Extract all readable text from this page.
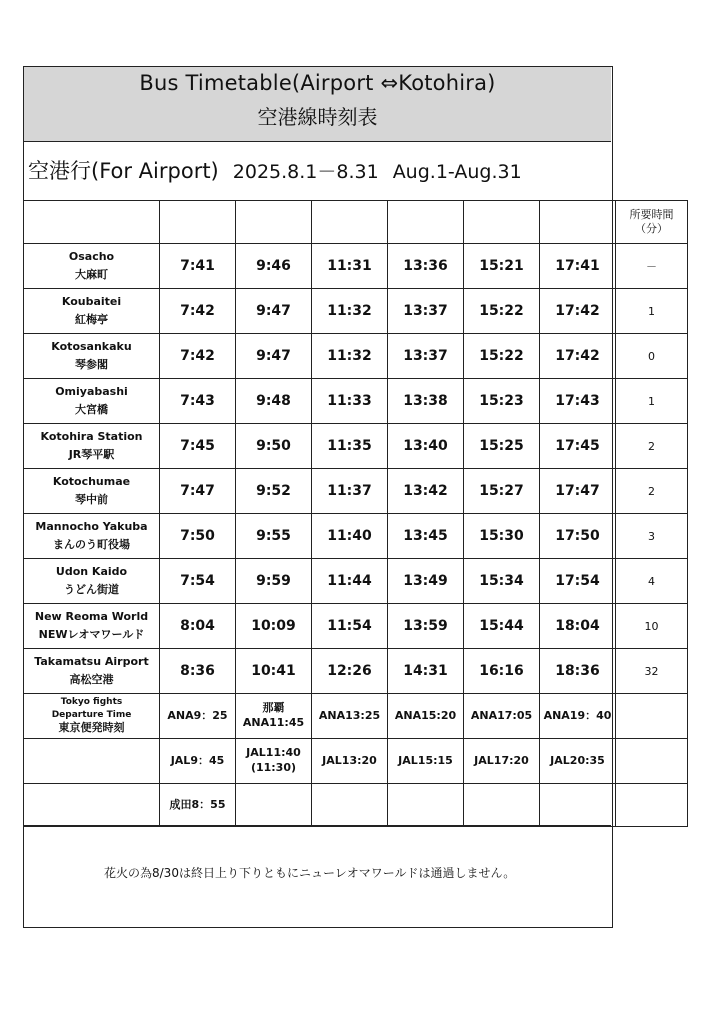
Bus Timetable(Airport ⇔Kotohira)
空港線時刻表
空港行(For Airport) 2025.8.1－8.31 Aug.1-Aug.31
花火の為8/30は終日上り下りともにニューレオマワールドは通過しません。

							所要時間
（分）

Osacho
大麻町	7:41	9:46	11:31	13:36	15:21	17:41	－

Koubaitei
紅梅亭	7:42	9:47	11:32	13:37	15:22	17:42	1

Kotosankaku
琴参閣	7:42	9:47	11:32	13:37	15:22	17:42	0

Omiyabashi
大宮橋	7:43	9:48	11:33	13:38	15:23	17:43	1

Kotohira Station
JR琴平駅	7:45	9:50	11:35	13:40	15:25	17:45	2

Kotochumae
琴中前	7:47	9:52	11:37	13:42	15:27	17:47	2

Mannocho Yakuba
まんのう町役場	7:50	9:55	11:40	13:45	15:30	17:50	3

Udon Kaido
うどん街道	7:54	9:59	11:44	13:49	15:34	17:54	4

New Reoma World
NEWレオマワールド	8:04	10:09	11:54	13:59	15:44	18:04	10

Takamatsu Airport
高松空港	8:36	10:41	12:26	14:31	16:16	18:36	32

Tokyo fights
Departure Time
東京便発時刻	ANA9：25	那覇
ANA11:45	ANA13:25	ANA15:20	ANA17:05	ANA19：40	
	JAL9：45	JAL11:40
(11:30)	JAL13:20	JAL15:15	JAL17:20	JAL20:35	
	成田8：55						
